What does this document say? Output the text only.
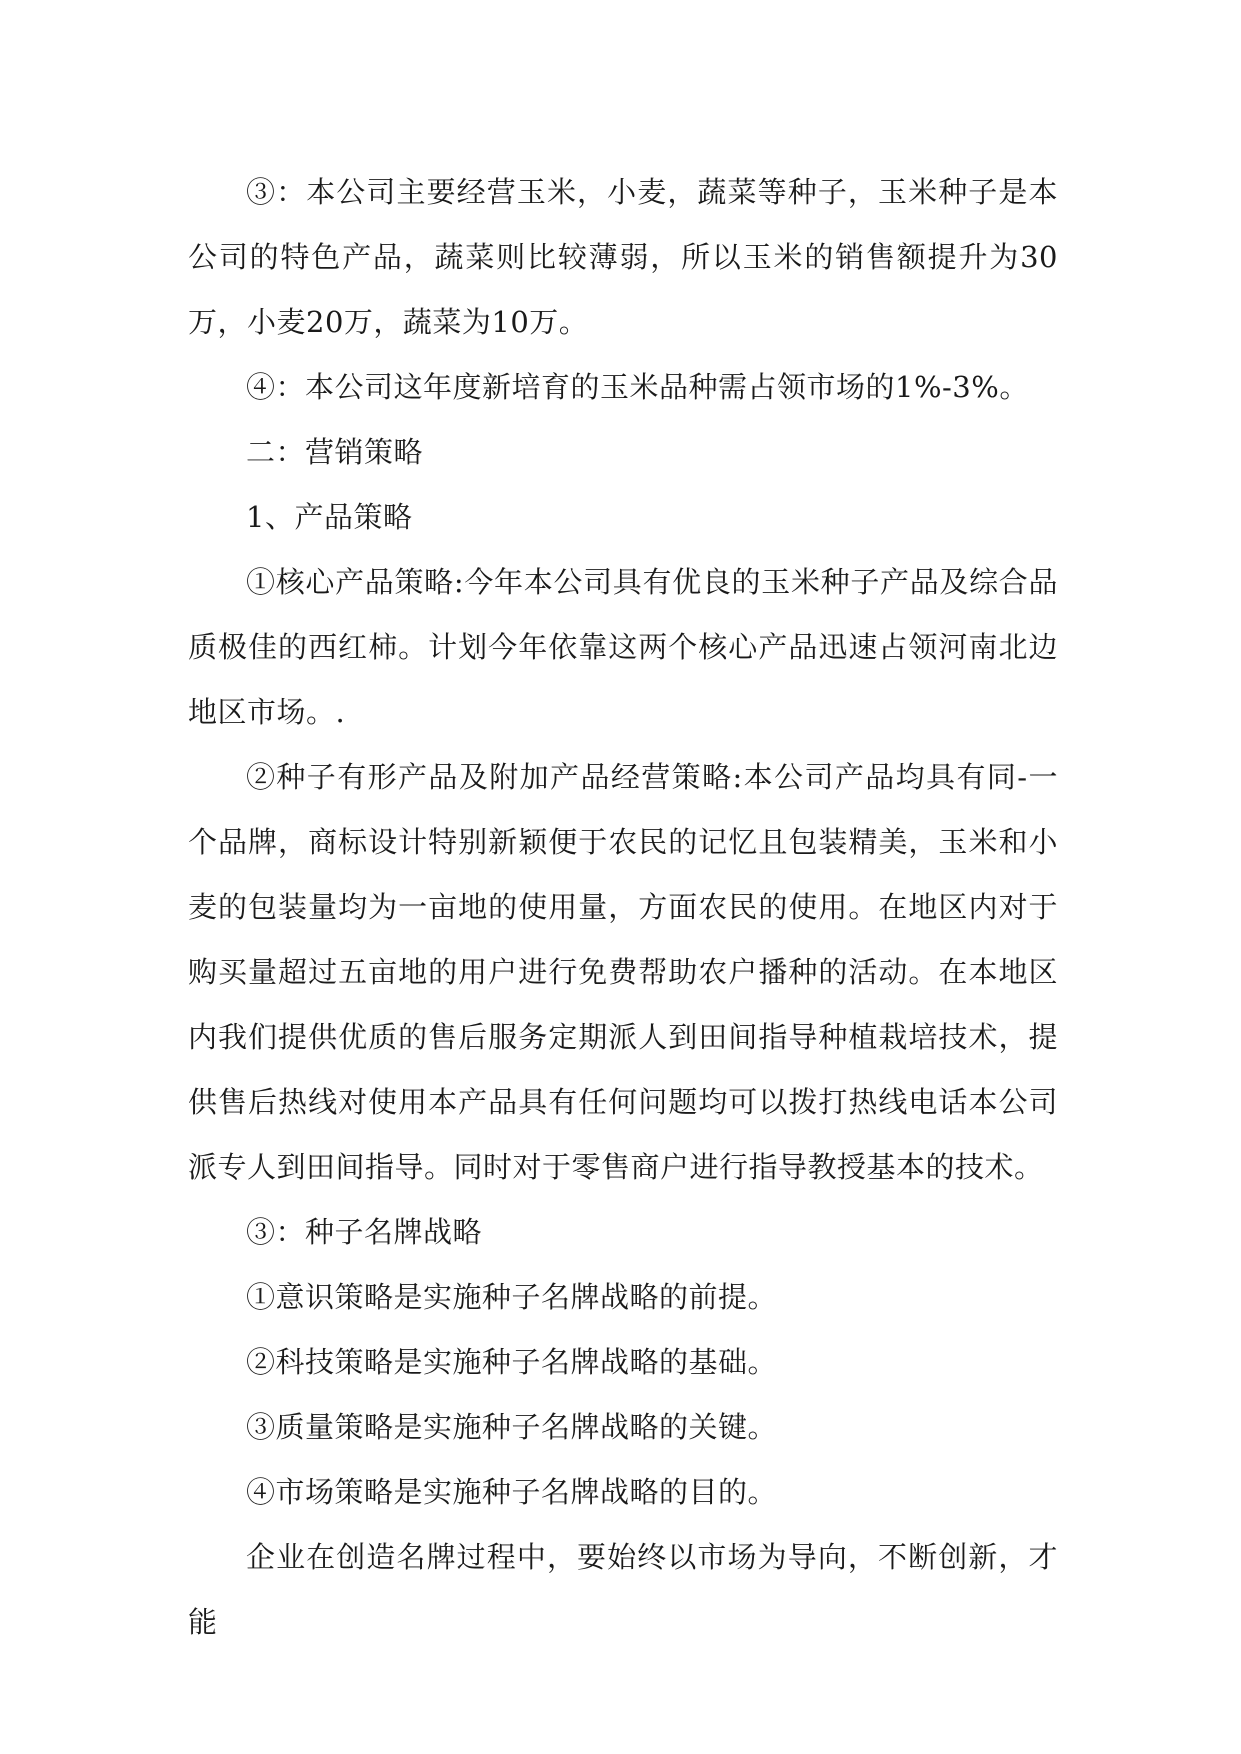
③：本公司主要经营玉米，小麦，蔬菜等种子，玉米种子是本公司的特色产品，蔬菜则比较薄弱，所以玉米的销售额提升为30万，小麦20万，蔬菜为10万。

④：本公司这年度新培育的玉米品种需占领市场的1%-3%。

二：营销策略

1、产品策略

①核心产品策略:今年本公司具有优良的玉米种子产品及综合品质极佳的西红柿。计划今年依靠这两个核心产品迅速占领河南北边地区市场。.

②种子有形产品及附加产品经营策略:本公司产品均具有同-一个品牌，商标设计特别新颖便于农民的记忆且包装精美，玉米和小麦的包装量均为一亩地的使用量，方面农民的使用。在地区内对于购买量超过五亩地的用户进行免费帮助农户播种的活动。在本地区内我们提供优质的售后服务定期派人到田间指导种植栽培技术，提供售后热线对使用本产品具有任何问题均可以拨打热线电话本公司派专人到田间指导。同时对于零售商户进行指导教授基本的技术。

③：种子名牌战略

①意识策略是实施种子名牌战略的前提。

②科技策略是实施种子名牌战略的基础。

③质量策略是实施种子名牌战略的关键。

④市场策略是实施种子名牌战略的目的。

企业在创造名牌过程中，要始终以市场为导向，不断创新，才能
